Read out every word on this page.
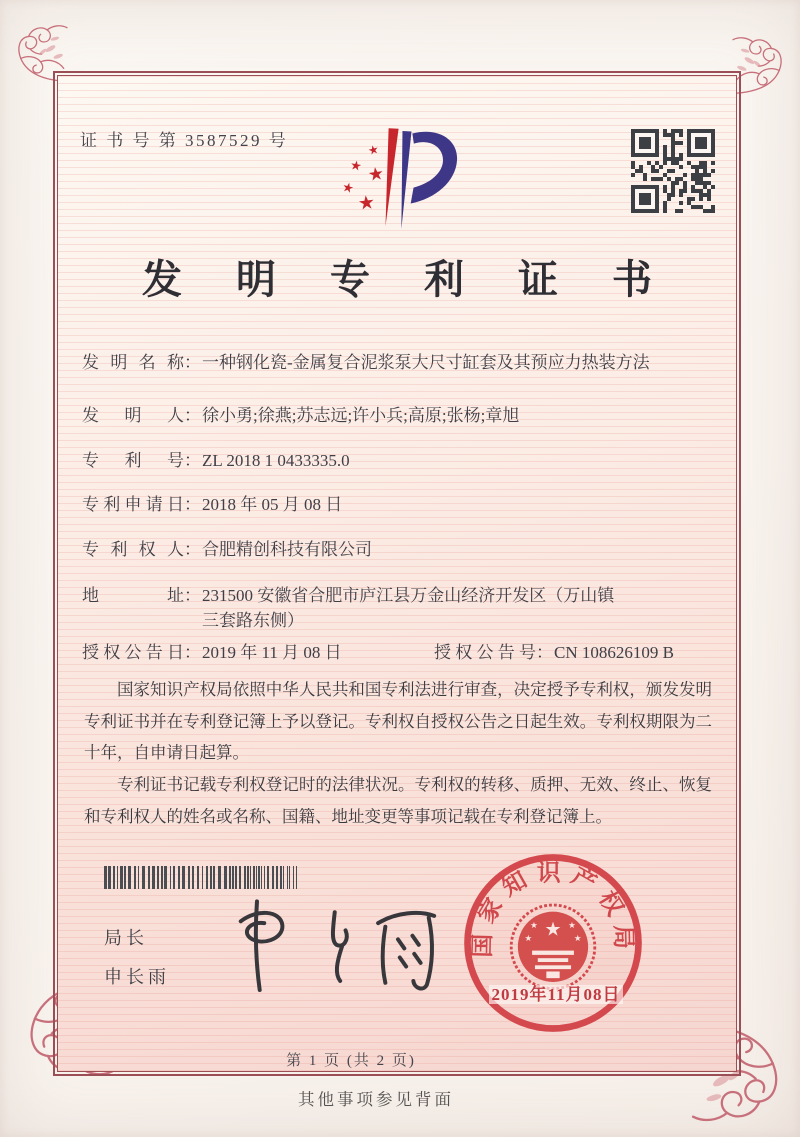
证 书 号 第 3587529 号
★
★ ★
★
★
发 明 专 利 证 书
发明名称 ： 一种钢化瓷-金属复合泥浆泵大尺寸缸套及其预应力热装方法
发明人 ： 徐小勇;徐燕;苏志远;许小兵;高原;张杨;章旭
专利号 ： ZL 2018 1 0433335.0
专利申请日 ： 2018 年 05 月 08 日
专利权人 ： 合肥精创科技有限公司
地址 ： 231500 安徽省合肥市庐江县万金山经济开发区（万山镇
三套路东侧）
授权公告日 ： 2019 年 11 月 08 日	授权公告号 ： CN 108626109 B

国家知识产权局依照中华人民共和国专利法进行审查，决定授予专利权，颁发发明专利证书并在专利登记簿上予以登记。专利权自授权公告之日起生效。专利权期限为二十年，自申请日起算。

专利证书记载专利权登记时的法律状况。专利权的转移、质押、无效、终止、恢复和专利权人的姓名或名称、国籍、地址变更等事项记载在专利登记簿上。

局长
申长雨
国家知识产权局
★
★	★
★	★
2019年11月08日
第 1 页 (共 2 页)
其他事项参见背面
